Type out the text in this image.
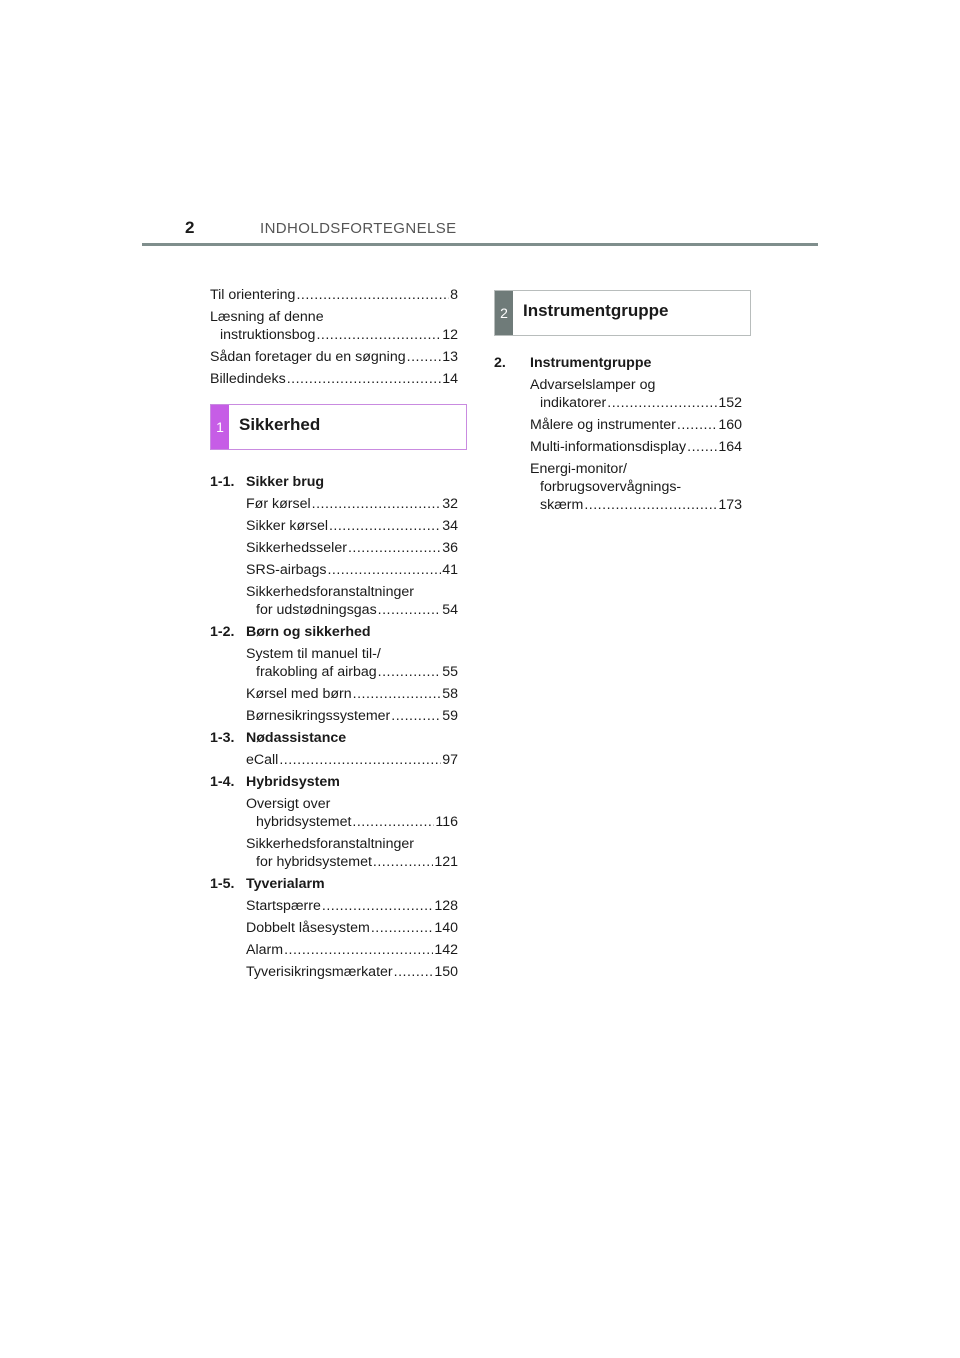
2	INDHOLDSFORTEGNELSE
Til orientering .....	8
Læsning af denne
instruktionsbog .....	12
Sådan foretager du en søgning .....	13
Billedindeks .....	14
1 Sikkerhed
1-1. Sikker brug
Før kørsel .....	32
Sikker kørsel .....	34
Sikkerhedsseler .....	36
SRS-airbags .....	41
Sikkerhedsforanstaltninger
for udstødningsgas .....	54
1-2. Børn og sikkerhed
System til manuel til-/
frakobling af airbag .....	55
Kørsel med børn .....	58
Børnesikringssystemer .....	59
1-3. Nødassistance
eCall .....	97
1-4. Hybridsystem
Oversigt over
hybridsystemet .....	116
Sikkerhedsforanstaltninger
for hybridsystemet .....	121
1-5. Tyverialarm
Startspærre .....	128
Dobbelt låsesystem .....	140
Alarm .....	142
Tyverisikringsmærkater .....	150
2 Instrumentgruppe
2.	Instrumentgruppe
Advarselslamper og
indikatorer .....	152
Målere og instrumenter .....	160
Multi-informationsdisplay ..... 164
Energi-monitor/
forbrugsovervågnings-
skærm .....	173
